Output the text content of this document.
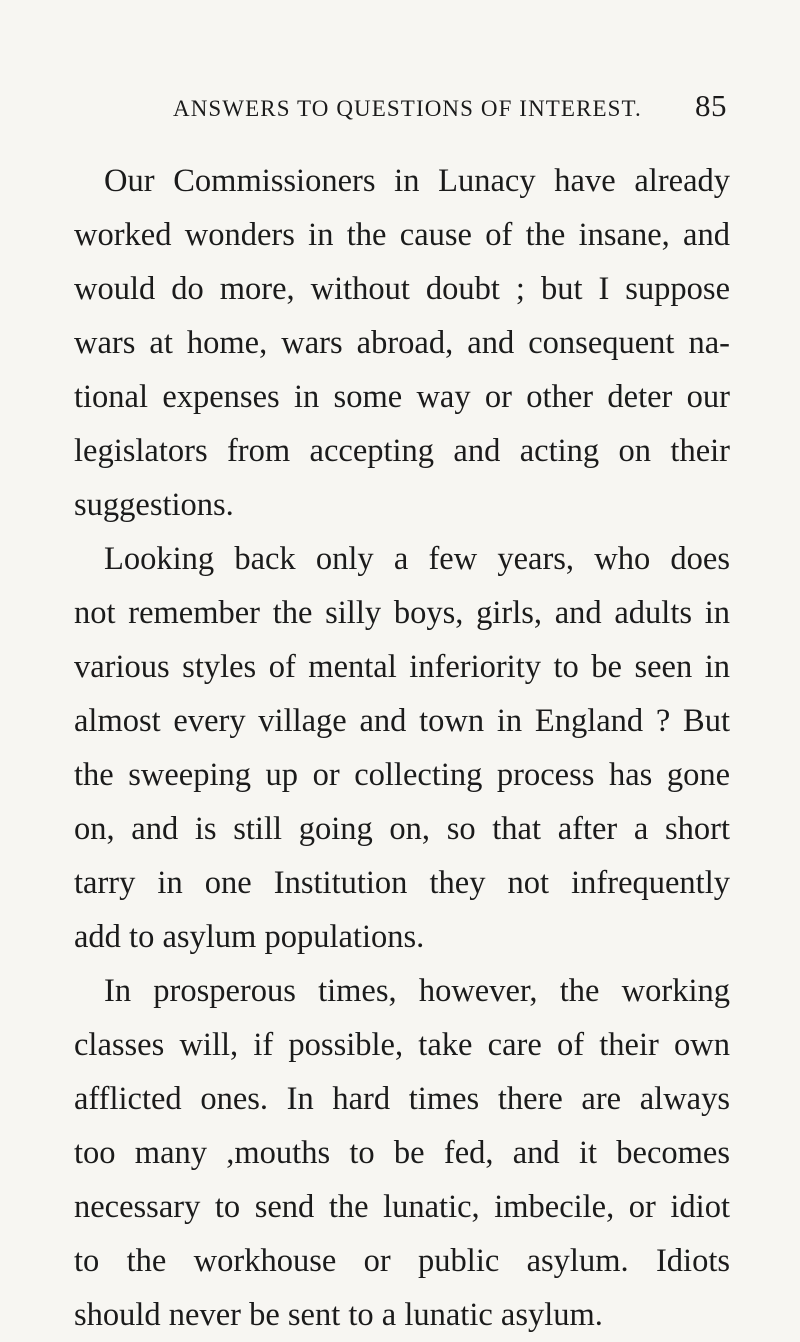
ANSWERS TO QUESTIONS OF INTEREST. 85

Our Commissioners in Lunacy have already
worked wonders in the cause of the insane, and
would do more, without doubt ; but I suppose
wars at home, wars abroad, and consequent na-
tional expenses in some way or other deter our
legislators from accepting and acting on their
suggestions.

Looking back only a few years, who does
not remember the silly boys, girls, and adults in
various styles of mental inferiority to be seen in
almost every village and town in England ? But
the sweeping up or collecting process has gone
on, and is still going on, so that after a short
tarry in one Institution they not infrequently
add to asylum populations.

In prosperous times, however, the working
classes will, if possible, take care of their own
afflicted ones. In hard times there are always
too many ,mouths to be fed, and it becomes
necessary to send the lunatic, imbecile, or idiot
to the workhouse or public asylum. Idiots
should never be sent to a lunatic asylum.
